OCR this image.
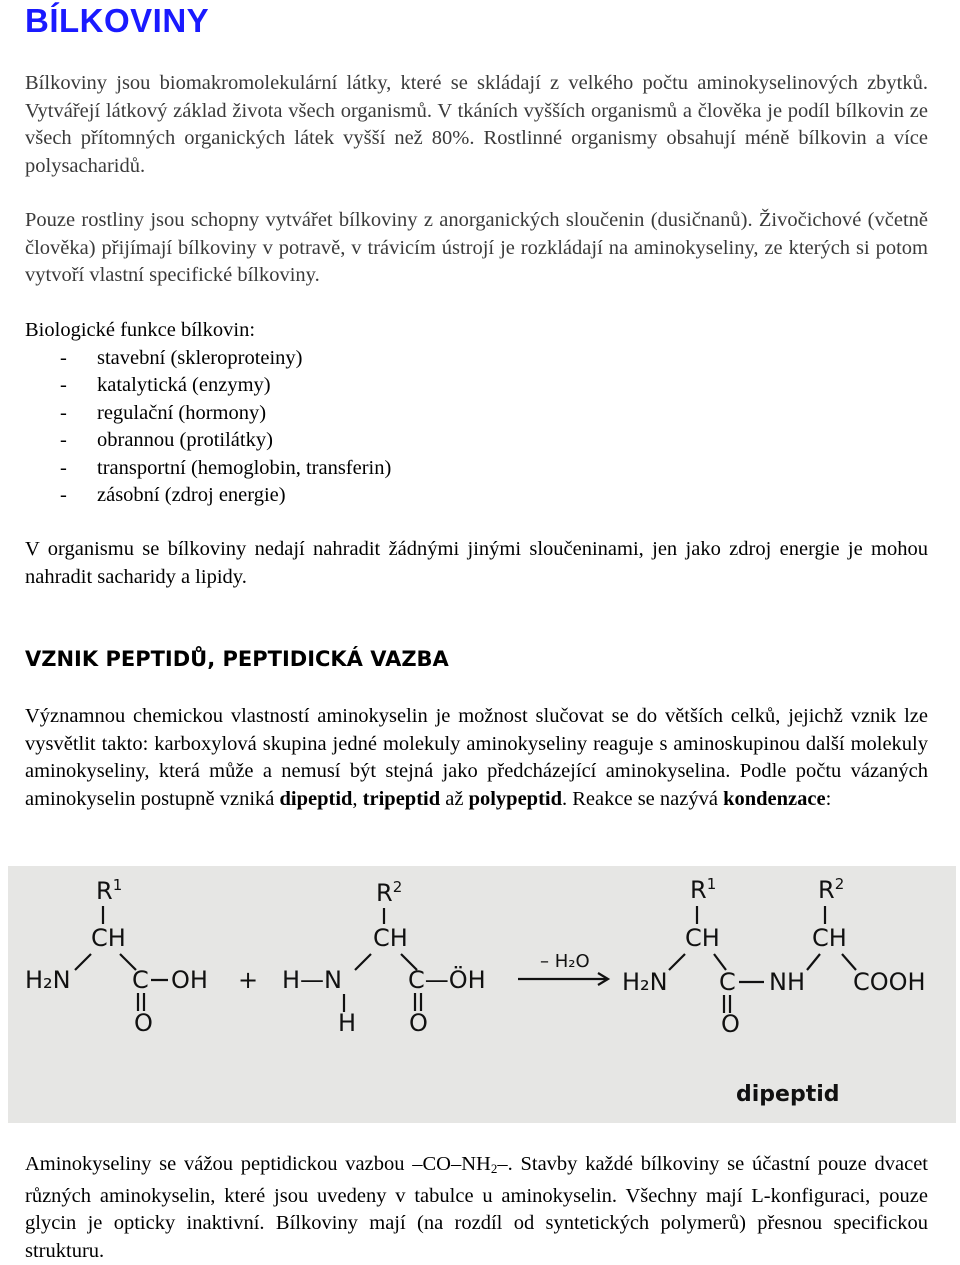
BÍLKOVINY

Bílkoviny jsou biomakromolekulární látky, které se skládají z velkého počtu aminokyselinových zbytků. Vytvářejí látkový základ života všech organismů. V tkáních vyšších organismů a člověka je podíl bílkovin ze všech přítomných organických látek vyšší než 80%. Rostlinné organismy obsahují méně bílkovin a více polysacharidů.

Pouze rostliny jsou schopny vytvářet bílkoviny z anorganických sloučenin (dusičnanů). Živočichové (včetně člověka) přijímají bílkoviny v potravě, v trávicím ústrojí je rozkládají na aminokyseliny, ze kterých si potom vytvoří vlastní specifické bílkoviny.

Biologické funkce bílkovin:
-	stavební (skleroproteiny)
-	katalytická (enzymy)
-	regulační (hormony)
-	obrannou (protilátky)
-	transportní (hemoglobin, transferin)
-	zásobní (zdroj energie)

V organismu se bílkoviny nedají nahradit žádnými jinými sloučeninami, jen jako zdroj energie je mohou nahradit sacharidy a lipidy.

VZNIK PEPTIDŮ, PEPTIDICKÁ VAZBA

Významnou chemickou vlastností aminokyselin je možnost slučovat se do větších celků, jejichž vznik lze vysvětlit takto: karboxylová skupina jedné molekuly aminokyseliny reaguje s aminoskupinou další molekuly aminokyseliny, která může a nemusí být stejná jako předcházející aminokyselina. Podle počtu vázaných aminokyselin postupně vzniká dipeptid, tripeptid až polypeptid. Reakce se nazývá kondenzace:

$R^1$
CH
H₂N	C OH
O
+
$R^2$
CH
H—N
H
C—ÖH
O
– H₂O
$R^1$
CH
H₂N C NH
O
$R^2$
CH
COOH
dipeptid

Aminokyseliny se vážou peptidickou vazbou $-CO-NH_2-$. Stavby každé bílkoviny se účastní pouze dvacet různých aminokyselin, které jsou uvedeny v tabulce u aminokyselin. Všechny mají L-konfiguraci, pouze glycin je opticky inaktivní. Bílkoviny mají (na rozdíl od syntetických polymerů) přesnou specifickou strukturu.
